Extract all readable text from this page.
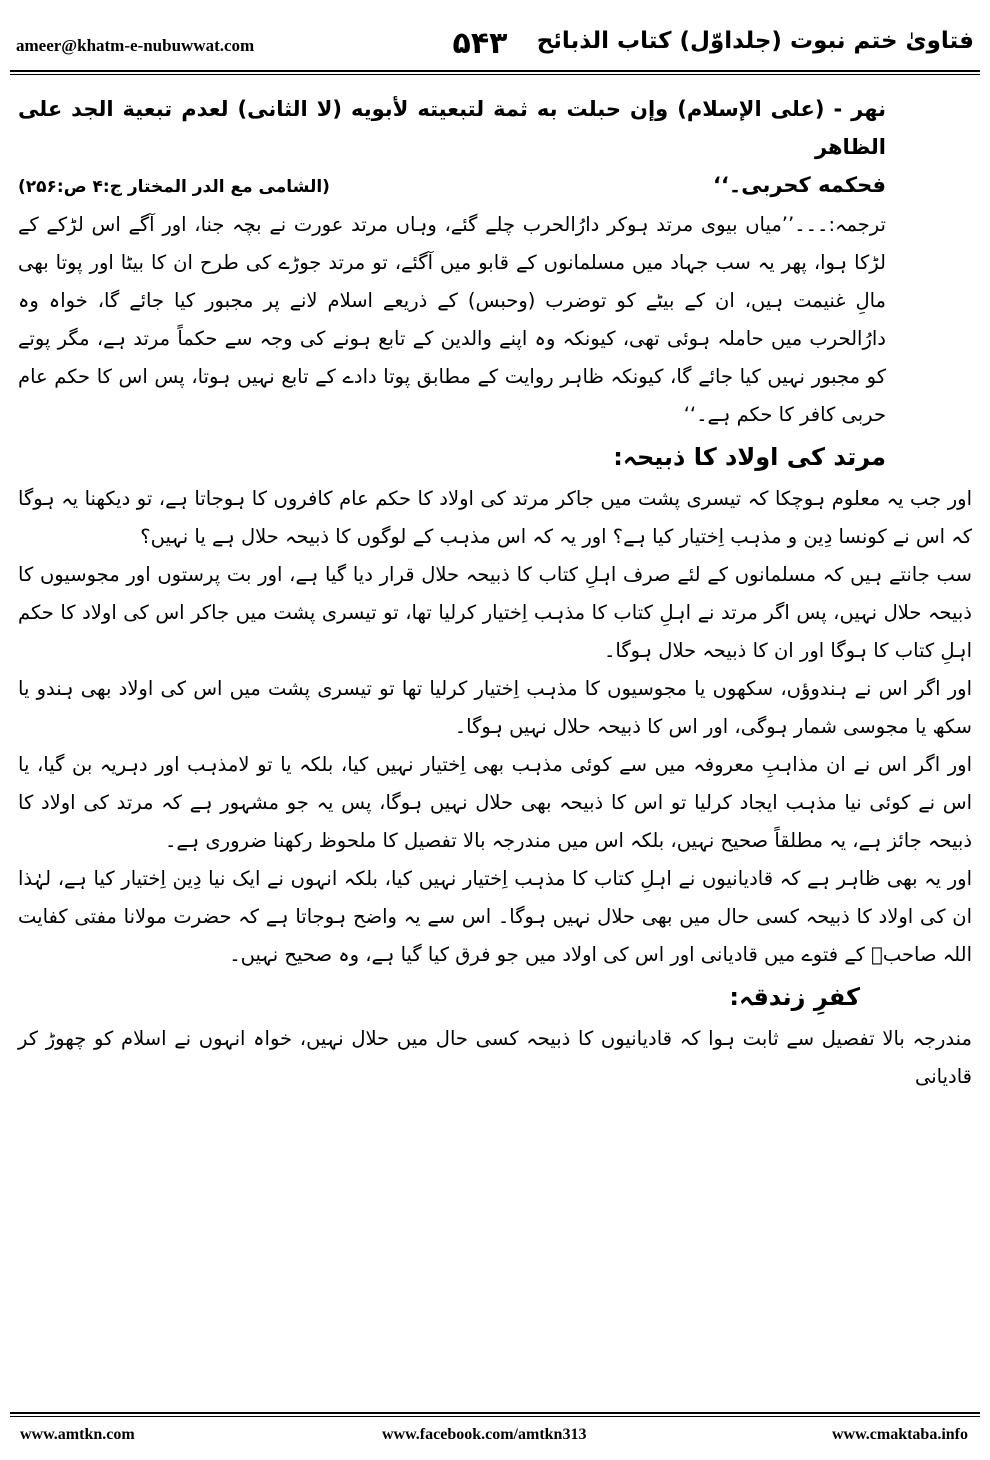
ameer@khatm-e-nubuwwat.com	۵۴۳	فتاویٰ ختم نبوت (جلداوّل) کتاب الذبائح

نهر - (علی الإسلام) وإن حبلت به ثمة لتبعيته لأبويه (لا الثانی) لعدم تبعية الجد علی الظاهر

فحکمه کحربی۔‘‘
(الشامی مع الدر المختار ج:۴ ص:۲۵۶)

ترجمہ:۔۔۔’’میاں بیوی مرتد ہوکر دارُالحرب چلے گئے، وہاں مرتد عورت نے بچہ جنا، اور آگے اس لڑکے کے لڑکا ہوا، پھر یہ سب جہاد میں مسلمانوں کے قابو میں آگئے، تو مرتد جوڑے کی طرح ان کا بیٹا اور پوتا بھی مالِ غنیمت ہیں، ان کے بیٹے کو توضرب (وحبس) کے ذریعے اسلام لانے پر مجبور کیا جائے گا، خواہ وہ دارُالحرب میں حاملہ ہوئی تھی، کیونکہ وہ اپنے والدین کے تابع ہونے کی وجہ سے حکماً مرتد ہے، مگر پوتے کو مجبور نہیں کیا جائے گا، کیونکہ ظاہر روایت کے مطابق پوتا دادے کے تابع نہیں ہوتا، پس اس کا حکم عام حربی کافر کا حکم ہے۔‘‘

مرتد کی اولاد کا ذبیحہ:

اور جب یہ معلوم ہوچکا کہ تیسری پشت میں جاکر مرتد کی اولاد کا حکم عام کافروں کا ہوجاتا ہے، تو دیکھنا یہ ہوگا کہ اس نے کونسا دِین و مذہب اِختیار کیا ہے؟ اور یہ کہ اس مذہب کے لوگوں کا ذبیحہ حلال ہے یا نہیں؟

سب جانتے ہیں کہ مسلمانوں کے لئے صرف اہلِ کتاب کا ذبیحہ حلال قرار دیا گیا ہے، اور بت پرستوں اور مجوسیوں کا ذبیحہ حلال نہیں، پس اگر مرتد نے اہلِ کتاب کا مذہب اِختیار کرلیا تھا، تو تیسری پشت میں جاکر اس کی اولاد کا حکم اہلِ کتاب کا ہوگا اور ان کا ذبیحہ حلال ہوگا۔

اور اگر اس نے ہندوؤں، سکھوں یا مجوسیوں کا مذہب اِختیار کرلیا تھا تو تیسری پشت میں اس کی اولاد بھی ہندو یا سکھ یا مجوسی شمار ہوگی، اور اس کا ذبیحہ حلال نہیں ہوگا۔

اور اگر اس نے ان مذاہبِ معروفہ میں سے کوئی مذہب بھی اِختیار نہیں کیا، بلکہ یا تو لامذہب اور دہریہ بن گیا، یا اس نے کوئی نیا مذہب ایجاد کرلیا تو اس کا ذبیحہ بھی حلال نہیں ہوگا، پس یہ جو مشہور ہے کہ مرتد کی اولاد کا ذبیحہ جائز ہے، یہ مطلقاً صحیح نہیں، بلکہ اس میں مندرجہ بالا تفصیل کا ملحوظ رکھنا ضروری ہے۔

اور یہ بھی ظاہر ہے کہ قادیانیوں نے اہلِ کتاب کا مذہب اِختیار نہیں کیا، بلکہ انہوں نے ایک نیا دِین اِختیار کیا ہے، لہٰذا ان کی اولاد کا ذبیحہ کسی حال میں بھی حلال نہیں ہوگا۔ اس سے یہ واضح ہوجاتا ہے کہ حضرت مولانا مفتی کفایت اللہ صاحبؒ کے فتوے میں قادیانی اور اس کی اولاد میں جو فرق کیا گیا ہے، وہ صحیح نہیں۔

کفرِ زندقہ:

مندرجہ بالا تفصیل سے ثابت ہوا کہ قادیانیوں کا ذبیحہ کسی حال میں حلال نہیں، خواہ انہوں نے اسلام کو چھوڑ کر قادیانی

www.amtkn.com	www.facebook.com/amtkn313	www.cmaktaba.info
